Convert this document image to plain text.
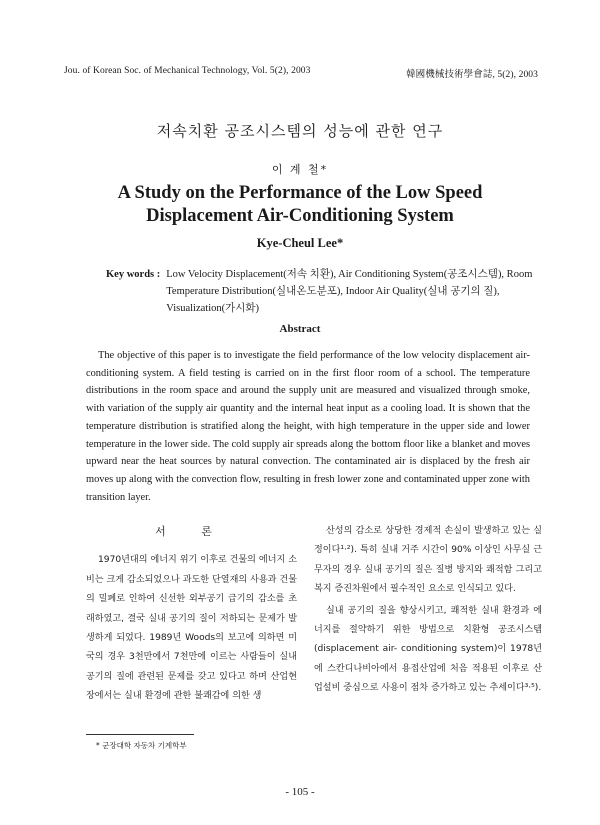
Jou. of Korean Soc. of Mechanical Technology, Vol. 5(2), 2003	韓國機械技術學會誌, 5(2), 2003
저속치환 공조시스템의 성능에 관한 연구
이 계 철*
A Study on the Performance of the Low Speed
Displacement Air-Conditioning System
Kye-Cheul Lee*
Key words : Low Velocity Displacement(저속 치환), Air Conditioning System(공조시스템), Room Temperature Distribution(실내온도분포), Indoor Air Quality(실내 공기의 질), Visualization(가시화)
Abstract

The objective of this paper is to investigate the field performance of the low velocity displacement air-conditioning system. A field testing is carried on in the first floor room of a school. The temperature distributions in the room space and around the supply unit are measured and visualized through smoke, with variation of the supply air quantity and the internal heat input as a cooling load. It is shown that the temperature distribution is stratified along the height, with high temperature in the upper side and lower temperature in the lower side. The cold supply air spreads along the bottom floor like a blanket and moves upward near the heat sources by natural convection. The contaminated air is displaced by the fresh air moves up along with the convection flow, resulting in fresh lower zone and contaminated upper zone with transition layer.

서 론

1970년대의 에너지 위기 이후로 건물의 에너지 소비는 크게 감소되었으나 과도한 단열재의 사용과 건물의 밀폐로 인하여 신선한 외부공기 급기의 감소를 초래하였고, 결국 실내 공기의 질이 저하되는 문제가 발생하게 되었다. 1989년 Woods의 보고에 의하면 미국의 경우 3천만에서 7천만에 이르는 사람들이 실내 공기의 질에 관련된 문제를 갖고 있다고 하며 산업현장에서는 실내 환경에 관한 불쾌감에 의한 생

산성의 감소로 상당한 경제적 손실이 발생하고 있는 실정이다¹·²). 특히 실내 거주 시간이 90% 이상인 사무실 근무자의 경우 실내 공기의 질은 질병 방지와 쾌적함 그리고 복지 증진차원에서 필수적인 요소로 인식되고 있다.

실내 공기의 질을 향상시키고, 쾌적한 실내 환경과 에너지를 절약하기 위한 방법으로 치환형 공조시스템(displacement air- conditioning system)이 1978년에 스칸디나비아에서 용접산업에 처음 적용된 이후로 산업설비 중심으로 사용이 점차 증가하고 있는 추세이다³·⁵).

* 군장대학 자동차 기계학부
- 105 -
